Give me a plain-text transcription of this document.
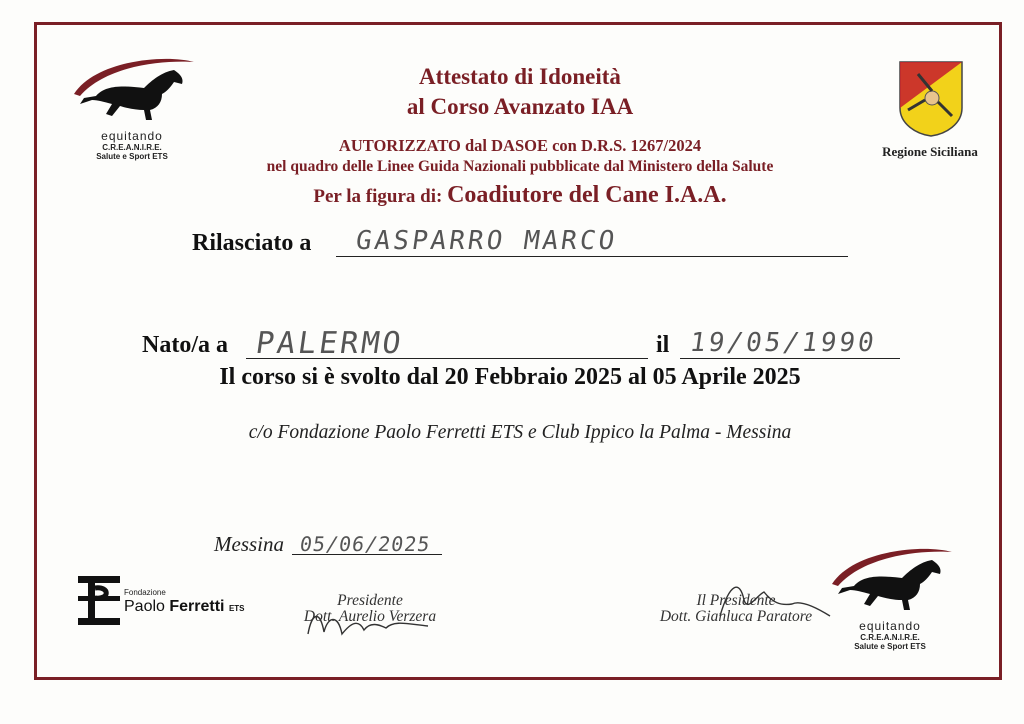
equitando
C.R.E.A.N.I.R.E.
Salute e Sport ETS	Regione Siciliana
Attestato di Idoneità
al Corso Avanzato IAA
AUTORIZZATO dal DASOE con D.R.S. 1267/2024
nel quadro delle Linee Guida Nazionali pubblicate dal Ministero della Salute
Per la figura di: Coadiutore del Cane I.A.A.
Rilasciato a GASPARRO MARCO
Nato/a a PALERMO	il 19/05/1990
Il corso si è svolto dal 20 Febbraio 2025 al 05 Aprile 2025
c/o Fondazione Paolo Ferretti ETS e Club Ippico la Palma - Messina
Messina 05/06/2025
Fondazione
Paolo Ferretti ETS	Presidente
Dott. Aurelio Verzera
Il Presidente
Dott. Gianluca Paratore
equitando
C.R.E.A.N.I.R.E.
Salute e Sport ETS
